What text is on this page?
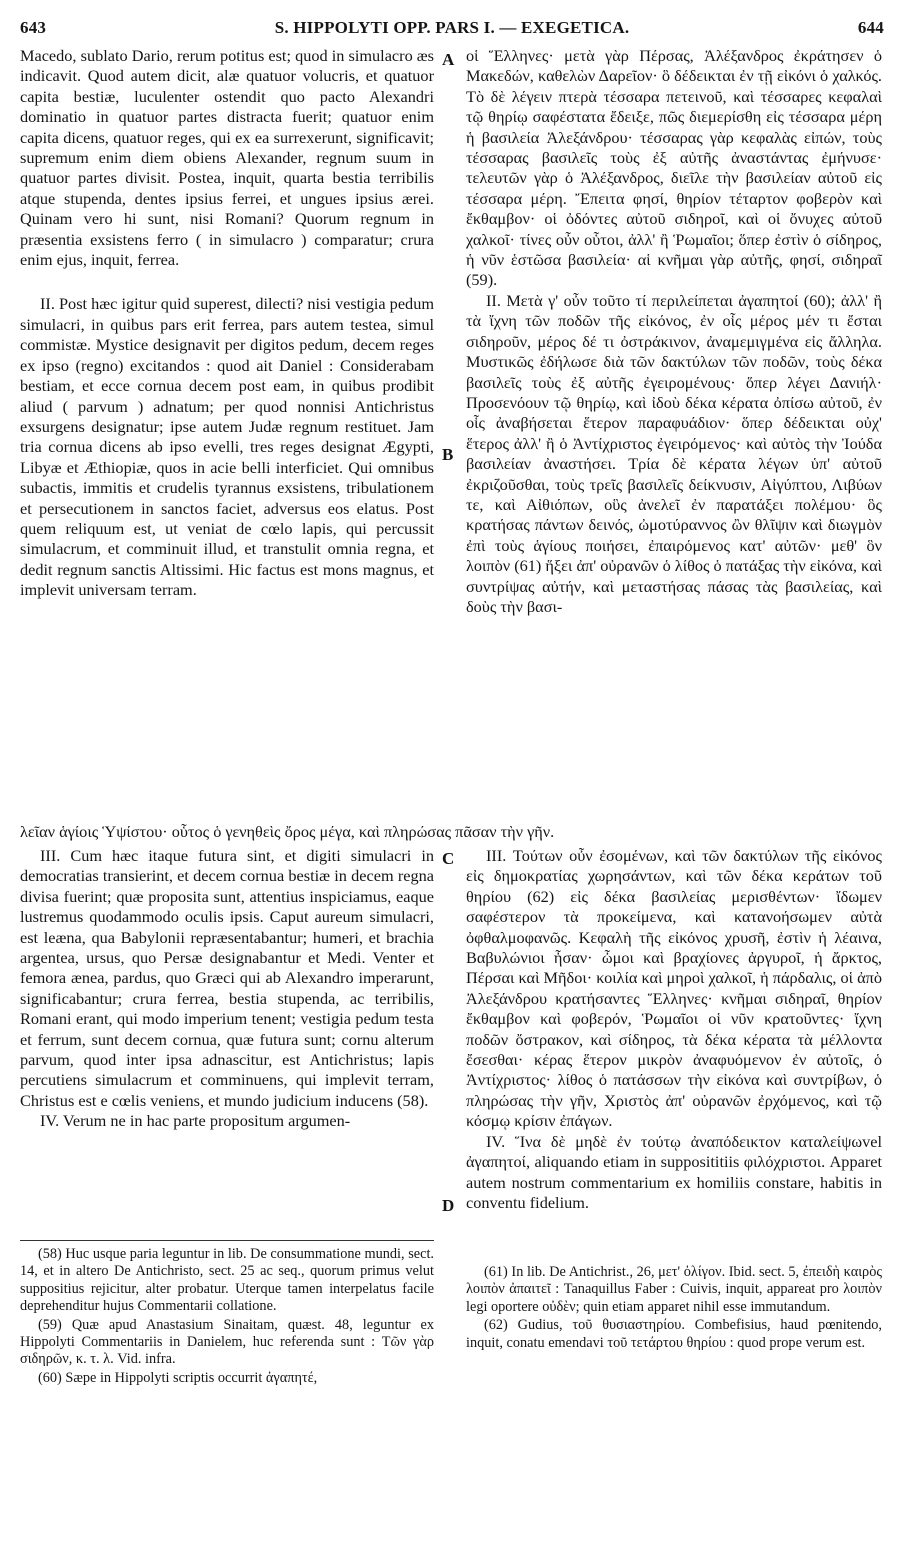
643	S. HIPPOLYTI OPP. PARS I. — EXEGETICA.	644

Macedo, sublato Dario, rerum potitus est; quod in simulacro æs indicavit. Quod autem dicit, alæ quatuor volucris, et quatuor capita bestiæ, luculenter ostendit quo pacto Alexandri dominatio in quatuor partes distracta fuerit; quatuor enim capita dicens, quatuor reges, qui ex ea surrexerunt, significavit; supremum enim diem obiens Alexander, regnum suum in quatuor partes divisit. Postea, inquit, quarta bestia terribilis atque stupenda, dentes ipsius ferrei, et ungues ipsius ærei. Quinam vero hi sunt, nisi Romani? Quorum regnum in præsentia exsistens ferro ( in simulacro ) comparatur; crura enim ejus, inquit, ferrea.

II. Post hæc igitur quid superest, dilecti? nisi vestigia pedum simulacri, in quibus pars erit ferrea, pars autem testea, simul commistæ. Mystice designavit per digitos pedum, decem reges ex ipso (regno) excitandos : quod ait Daniel : Considerabam bestiam, et ecce cornua decem post eam, in quibus prodibit aliud ( parvum ) adnatum; per quod nonnisi Antichristus exsurgens designatur; ipse autem Judæ regnum restituet. Jam tria cornua dicens ab ipso evelli, tres reges designat Ægypti, Libyæ et Æthiopiæ, quos in acie belli interficiet. Qui omnibus subactis, immitis et crudelis tyrannus exsistens, tribulationem et persecutionem in sanctos faciet, adversus eos elatus. Post quem reliquum est, ut veniat de cœlo lapis, qui percussit simulacrum, et comminuit illud, et transtulit omnia regna, et dedit regnum sanctis Altissimi. Hic factus est mons magnus, et implevit universam terram.

λεῖαν ἁγίοις Ὑψίστου· οὗτος ὁ γενηθεὶς ὄρος μέγα, καὶ πληρώσας πᾶσαν τὴν γῆν.

III. Cum hæc itaque futura sint, et digiti simulacri in democratias transierint, et decem cornua bestiæ in decem regna divisa fuerint; quæ proposita sunt, attentius inspiciamus, eaque lustremus quodammodo oculis ipsis. Caput aureum simulacri, est leæna, qua Babylonii repræsentabantur; humeri, et brachia argentea, ursus, quo Persæ designabantur et Medi. Venter et femora ænea, pardus, quo Græci qui ab Alexandro imperarunt, significabantur; crura ferrea, bestia stupenda, ac terribilis, Romani erant, qui modo imperium tenent; vestigia pedum testa et ferrum, sunt decem cornua, quæ futura sunt; cornu alterum parvum, quod inter ipsa adnascitur, est Antichristus; lapis percutiens simulacrum et comminuens, qui implevit terram, Christus est e cœlis veniens, et mundo judicium inducens (58).

IV. Verum ne in hac parte propositum argumen-

οἱ Ἕλληνες· μετὰ γὰρ Πέρσας, Ἀλέξανδρος ἐκράτησεν ὁ Μακεδών, καθελὼν Δαρεῖον· ὃ δέδεικται ἐν τῇ εἰκόνι ὁ χαλκός. Τὸ δὲ λέγειν πτερὰ τέσσαρα πετεινοῦ, καὶ τέσσαρες κεφαλαὶ τῷ θηρίῳ σαφέστατα ἔδειξε, πῶς διεμερίσθη εἰς τέσσαρα μέρη ἡ βασιλεία Ἀλεξάνδρου· τέσσαρας γὰρ κεφαλὰς εἰπών, τοὺς τέσσαρας βασιλεῖς τοὺς ἐξ αὐτῆς ἀναστάντας ἐμήνυσε· τελευτῶν γὰρ ὁ Ἀλέξανδρος, διεῖλε τὴν βασιλείαν αὐτοῦ εἰς τέσσαρα μέρη. Ἔπειτα φησί, θηρίον τέταρτον φοβερὸν καὶ ἔκθαμβον· οἱ ὀδόντες αὐτοῦ σιδηροῖ, καὶ οἱ ὄνυχες αὐτοῦ χαλκοῖ· τίνες οὖν οὗτοι, ἀλλ' ἢ Ῥωμαῖοι; ὅπερ ἐστὶν ὁ σίδηρος, ἡ νῦν ἑστῶσα βασιλεία· αἱ κνῆμαι γὰρ αὐτῆς, φησί, σιδηραῖ (59).

II. Μετὰ γ' οὖν τοῦτο τί περιλείπεται ἀγαπητοί (60); ἀλλ' ἢ τὰ ἴχνη τῶν ποδῶν τῆς εἰκόνος, ἐν οἷς μέρος μέν τι ἔσται σιδηροῦν, μέρος δέ τι ὀστράκινον, ἀναμεμιγμένα εἰς ἄλληλα. Μυστικῶς ἐδήλωσε διὰ τῶν δακτύλων τῶν ποδῶν, τοὺς δέκα βασιλεῖς τοὺς ἐξ αὐτῆς ἐγειρομένους· ὅπερ λέγει Δανιήλ· Προσενόουν τῷ θηρίῳ, καὶ ἰδοὺ δέκα κέρατα ὀπίσω αὐτοῦ, ἐν οἷς ἀναβήσεται ἕτερον παραφυάδιον· ὅπερ δέδεικται οὐχ' ἕτερος ἀλλ' ἢ ὁ Ἀντίχριστος ἐγειρόμενος· καὶ αὐτὸς τὴν Ἰούδα βασιλείαν ἀναστήσει. Τρία δὲ κέρατα λέγων ὑπ' αὐτοῦ ἐκριζοῦσθαι, τοὺς τρεῖς βασιλεῖς δείκνυσιν, Αἰγύπτου, Λιβύων τε, καὶ Αἰθιόπων, οὓς ἀνελεῖ ἐν παρατάξει πολέμου· ὃς κρατήσας πάντων δεινός, ὠμοτύραννος ὢν θλῖψιν καὶ διωγμὸν ἐπὶ τοὺς ἁγίους ποιήσει, ἐπαιρόμενος κατ' αὐτῶν· μεθ' ὃν λοιπὸν (61) ἥξει ἀπ' οὐρανῶν ὁ λίθος ὁ πατάξας τὴν εἰκόνα, καὶ συντρίψας αὐτήν, καὶ μεταστήσας πάσας τὰς βασιλείας, καὶ δοὺς τὴν βασι-

III. Τούτων οὖν ἐσομένων, καὶ τῶν δακτύλων τῆς εἰκόνος εἰς δημοκρατίας χωρησάντων, καὶ τῶν δέκα κεράτων τοῦ θηρίου (62) εἰς δέκα βασιλείας μερισθέντων· ἴδωμεν σαφέστερον τὰ προκείμενα, καὶ κατανοήσωμεν αὐτὰ ὀφθαλμοφανῶς. Κεφαλὴ τῆς εἰκόνος χρυσῆ, ἐστὶν ἡ λέαινα, Βαβυλώνιοι ἦσαν· ὦμοι καὶ βραχίονες ἀργυροῖ, ἡ ἄρκτος, Πέρσαι καὶ Μῆδοι· κοιλία καὶ μηροὶ χαλκοῖ, ἡ πάρδαλις, οἱ ἀπὸ Ἀλεξάνδρου κρατήσαντες Ἕλληνες· κνῆμαι σιδηραῖ, θηρίον ἔκθαμβον καὶ φοβερόν, Ῥωμαῖοι οἱ νῦν κρατοῦντες· ἴχνη ποδῶν ὄστρακον, καὶ σίδηρος, τὰ δέκα κέρατα τὰ μέλλοντα ἔσεσθαι· κέρας ἕτερον μικρὸν ἀναφυόμενον ἐν αὐτοῖς, ὁ Ἀντίχριστος· λίθος ὁ πατάσσων τὴν εἰκόνα καὶ συντρίβων, ὁ πληρώσας τὴν γῆν, Χριστὸς ἀπ' οὐρανῶν ἐρχόμενος, καὶ τῷ κόσμῳ κρίσιν ἐπάγων.

IV. Ἵνα δὲ μηδὲ ἐν τούτῳ ἀναπόδεικτον καταλείψωvel ἀγαπητοί, aliquando etiam in supposititiis φιλόχριστοι. Apparet autem nostrum commentarium ex homiliis constare, habitis in conventu fidelium.

A
B
C
D

(58) Huc usque paria leguntur in lib. De consummatione mundi, sect. 14, et in altero De Antichristo, sect. 25 ac seq., quorum primus velut suppositius rejicitur, alter probatur. Uterque tamen interpelatus facile deprehenditur hujus Commentarii collatione.

(59) Quæ apud Anastasium Sinaitam, quæst. 48, leguntur ex Hippolyti Commentariis in Danielem, huc referenda sunt : Τῶν γὰρ σιδηρῶν, κ. τ. λ. Vid. infra.

(60) Sæpe in Hippolyti scriptis occurrit ἀγαπητέ,

(61) In lib. De Antichrist., 26, μετ' ὀλίγον. Ibid. sect. 5, ἐπειδὴ καιρὸς λοιπὸν ἀπαιτεῖ : Tanaquillus Faber : Cuivis, inquit, appareat pro λοιπὸν legi oportere οὐδὲν; quin etiam apparet nihil esse immutandum.

(62) Gudius, τοῦ θυσιαστηρίου. Combefisius, haud pœnitendo, inquit, conatu emendavi τοῦ τετάρτου θηρίου : quod prope verum est.
